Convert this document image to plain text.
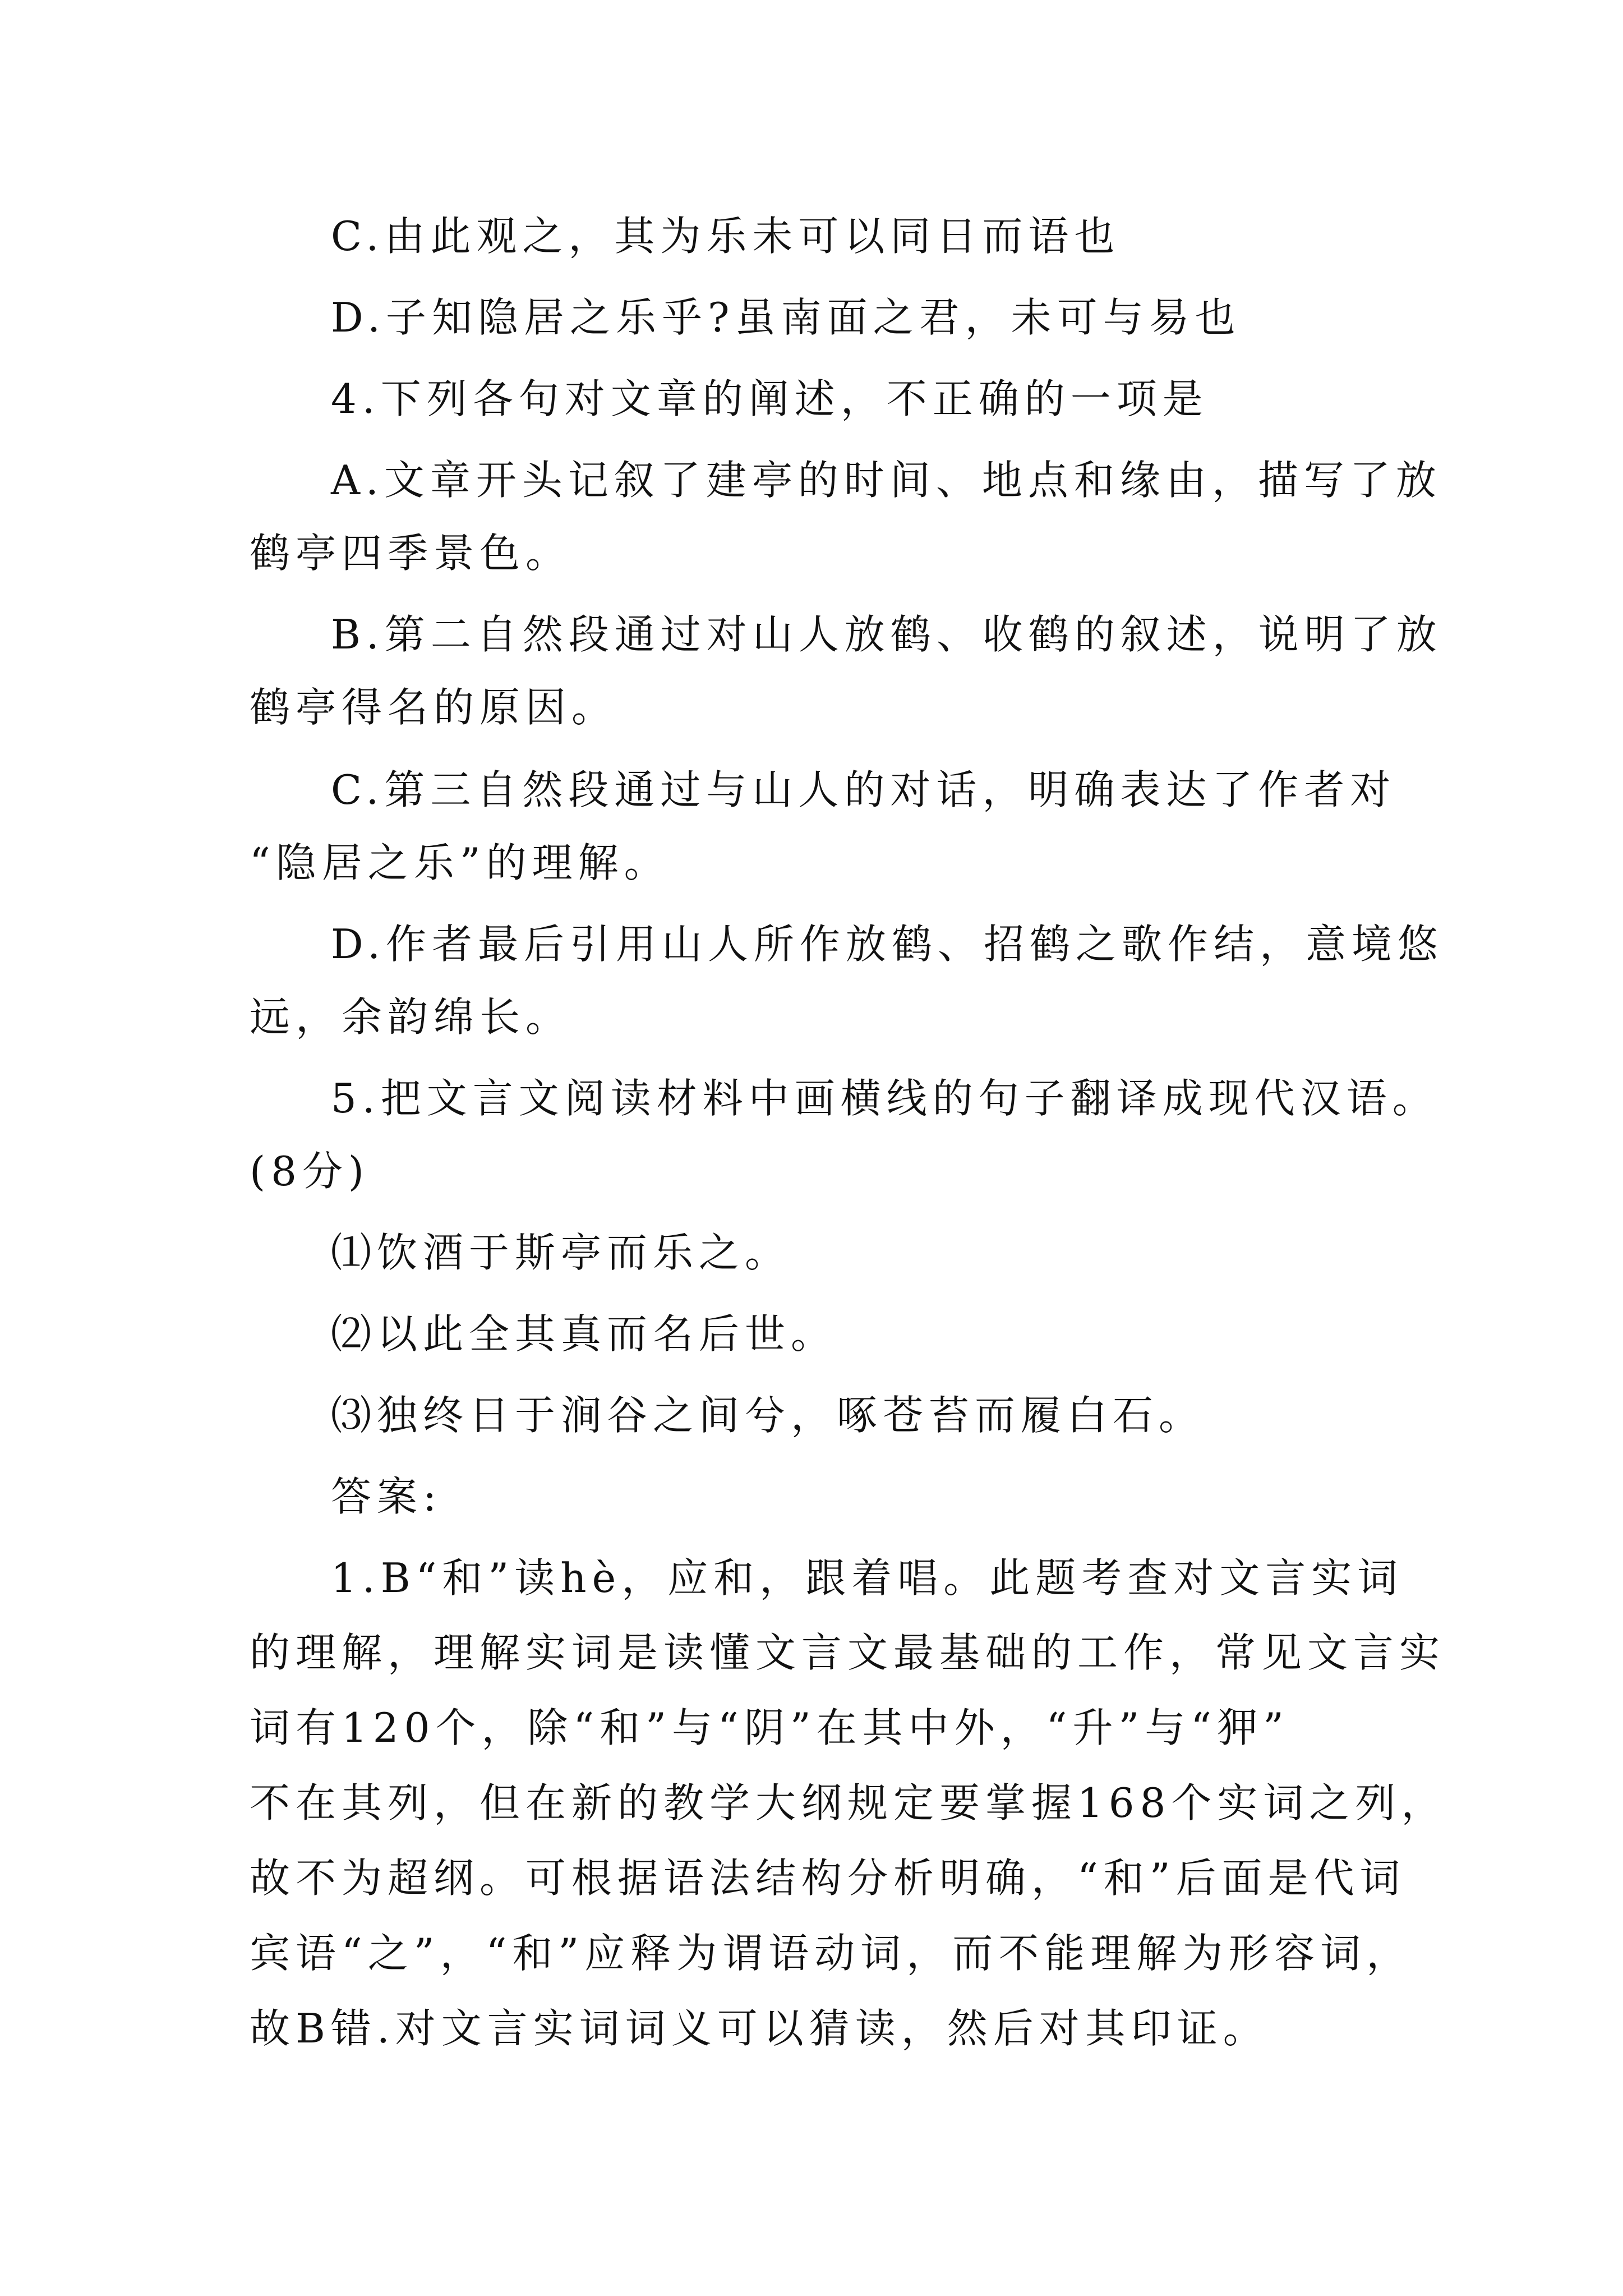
C.由此观之，其为乐未可以同日而语也
D.子知隐居之乐乎?虽南面之君，未可与易也
4.下列各句对文章的阐述，不正确的一项是
A.文章开头记叙了建亭的时间、地点和缘由，描写了放
鹤亭四季景色。
B.第二自然段通过对山人放鹤、收鹤的叙述，说明了放
鹤亭得名的原因。
C.第三自然段通过与山人的对话，明确表达了作者对
“隐居之乐”的理解。
D.作者最后引用山人所作放鹤、招鹤之歌作结，意境悠
远，余韵绵长。
5.把文言文阅读材料中画横线的句子翻译成现代汉语。
(8分)
⑴饮酒于斯亭而乐之。
⑵以此全其真而名后世。
⑶独终日于涧谷之间兮，啄苍苔而履白石。
答案:
1.B“和”读hè，应和，跟着唱。此题考查对文言实词
的理解，理解实词是读懂文言文最基础的工作，常见文言实
词有120个，除“和”与“阴”在其中外，“升”与“狎”
不在其列，但在新的教学大纲规定要掌握168个实词之列，
故不为超纲。可根据语法结构分析明确，“和”后面是代词
宾语“之”，“和”应释为谓语动词，而不能理解为形容词，
故B错.对文言实词词义可以猜读，然后对其印证。
